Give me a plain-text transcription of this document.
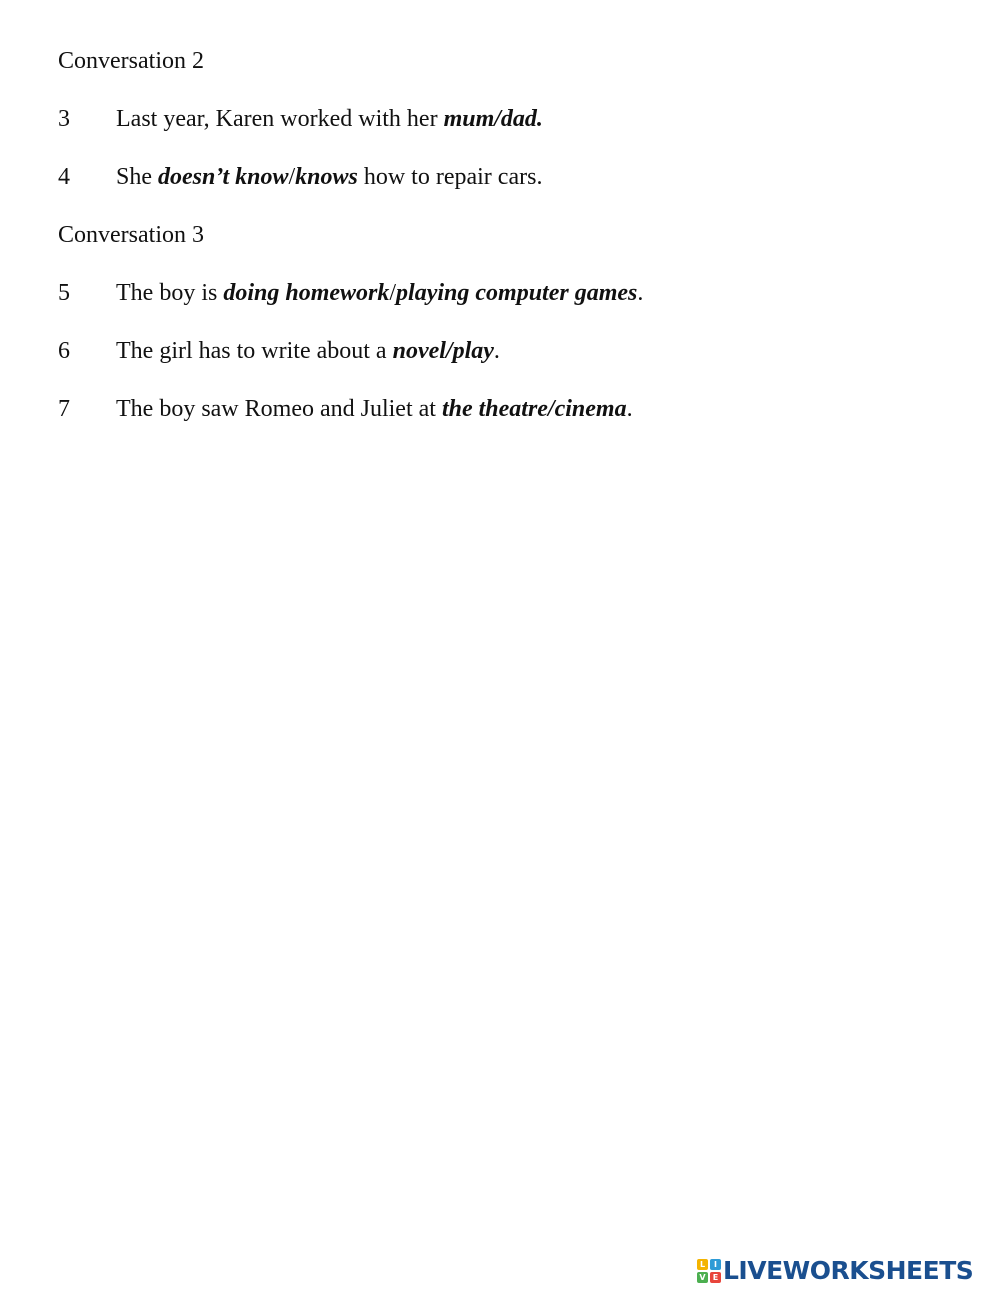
Conversation 2
3	Last year, Karen worked with her mum/dad.
4	She doesn’t know/knows how to repair cars.
Conversation 3
5	The boy is doing homework/playing computer games.
6	The girl has to write about a novel/play.
7	The boy saw Romeo and Juliet at the theatre/cinema.
L	I
V E LIVEWORKSHEETS
